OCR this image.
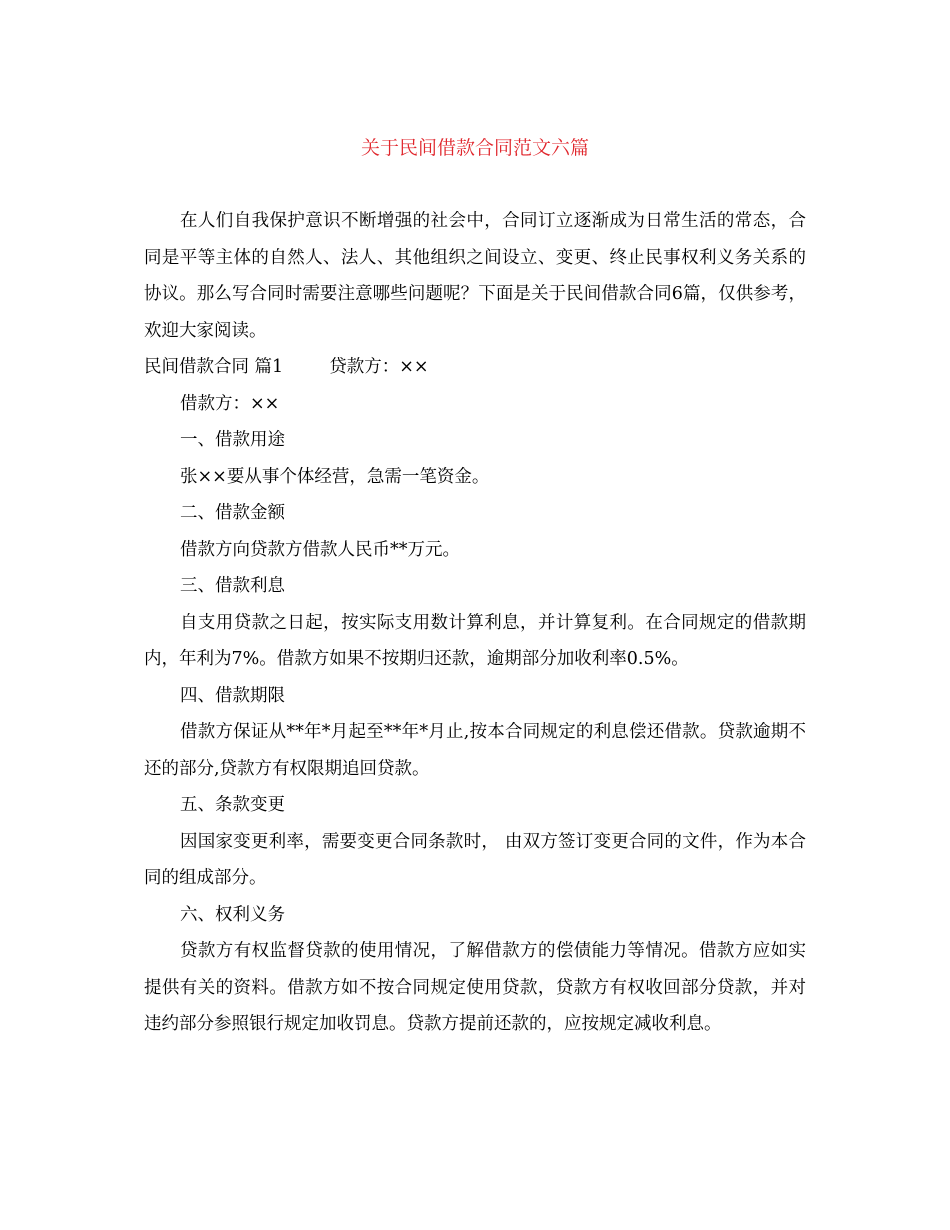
关于民间借款合同范文六篇

在人们自我保护意识不断增强的社会中，合同订立逐渐成为日常生活的常态，合同是平等主体的自然人、法人、其他组织之间设立、变更、终止民事权利义务关系的协议。那么写合同时需要注意哪些问题呢？下面是关于民间借款合同6篇，仅供参考，欢迎大家阅读。

民间借款合同 篇1	贷款方：××

借款方：××

一、借款用途

张××要从事个体经营，急需一笔资金。

二、借款金额

借款方向贷款方借款人民币**万元。

三、借款利息

自支用贷款之日起，按实际支用数计算利息，并计算复利。在合同规定的借款期内，年利为7%。借款方如果不按期归还款，逾期部分加收利率0.5%。

四、借款期限

借款方保证从**年*月起至**年*月止,按本合同规定的利息偿还借款。贷款逾期不还的部分,贷款方有权限期追回贷款。

五、条款变更

因国家变更利率，需要变更合同条款时， 由双方签订变更合同的文件，作为本合同的组成部分。

六、权利义务

贷款方有权监督贷款的使用情况，了解借款方的偿债能力等情况。借款方应如实提供有关的资料。借款方如不按合同规定使用贷款，贷款方有权收回部分贷款，并对违约部分参照银行规定加收罚息。贷款方提前还款的，应按规定减收利息。
